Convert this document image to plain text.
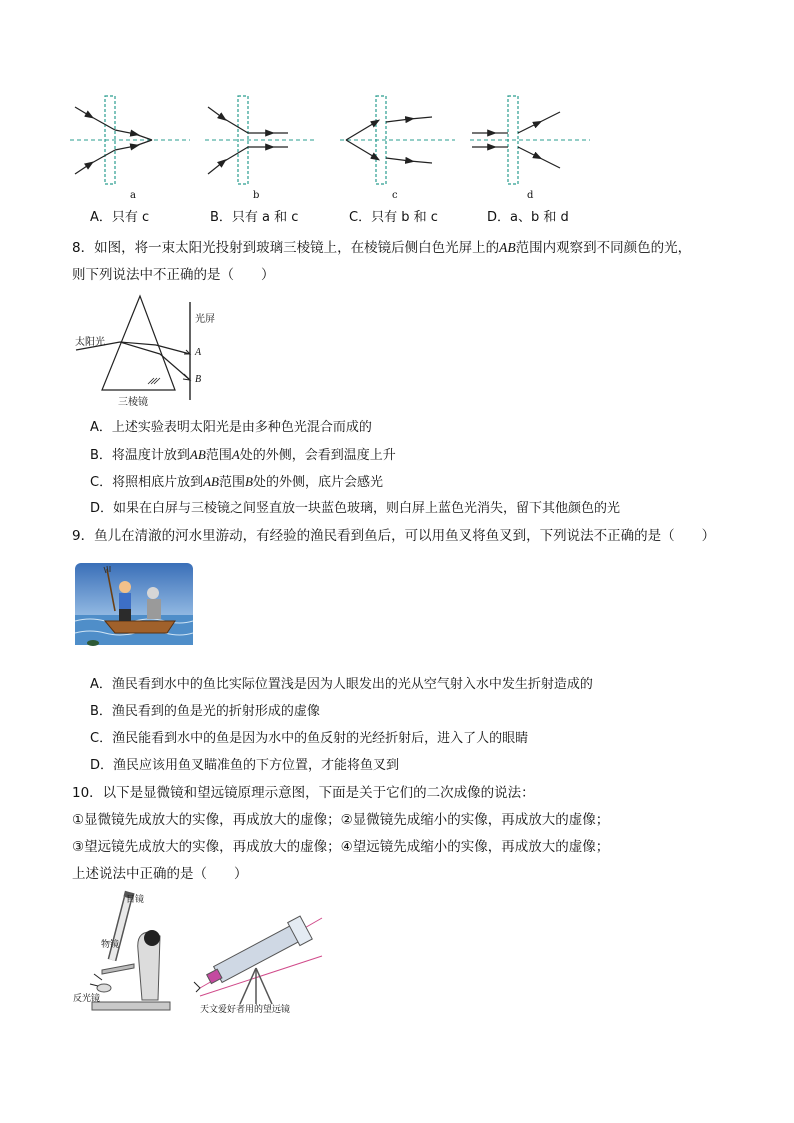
a	b	c	d
A．只有 c	B．只有 a 和 c	C．只有 b 和 c	D．a、b 和 d
8．如图，将一束太阳光投射到玻璃三棱镜上，在棱镜后侧白色光屏上的AB范围内观察到不同颜色的光，
则下列说法中不正确的是（　　）
太阳光
光屏
A
B
三棱镜
A．上述实验表明太阳光是由多种色光混合而成的
B．将温度计放到AB范围A处的外侧，会看到温度上升
C．将照相底片放到AB范围B处的外侧，底片会感光
D．如果在白屏与三棱镜之间竖直放一块蓝色玻璃，则白屏上蓝色光消失，留下其他颜色的光
9．鱼儿在清澈的河水里游动，有经验的渔民看到鱼后，可以用鱼叉将鱼叉到，下列说法不正确的是（　　）
A．渔民看到水中的鱼比实际位置浅是因为人眼发出的光从空气射入水中发生折射造成的
B．渔民看到的鱼是光的折射形成的虚像
C．渔民能看到水中的鱼是因为水中的鱼反射的光经折射后，进入了人的眼睛
D．渔民应该用鱼叉瞄准鱼的下方位置，才能将鱼叉到
10．以下是显微镜和望远镜原理示意图，下面是关于它们的二次成像的说法：
①显微镜先成放大的实像，再成放大的虚像；②显微镜先成缩小的实像，再成放大的虚像；
③望远镜先成放大的实像，再成放大的虚像；④望远镜先成缩小的实像，再成放大的虚像；
上述说法中正确的是（　　）
目镜
物镜
反光镜
天文爱好者用的望远镜
